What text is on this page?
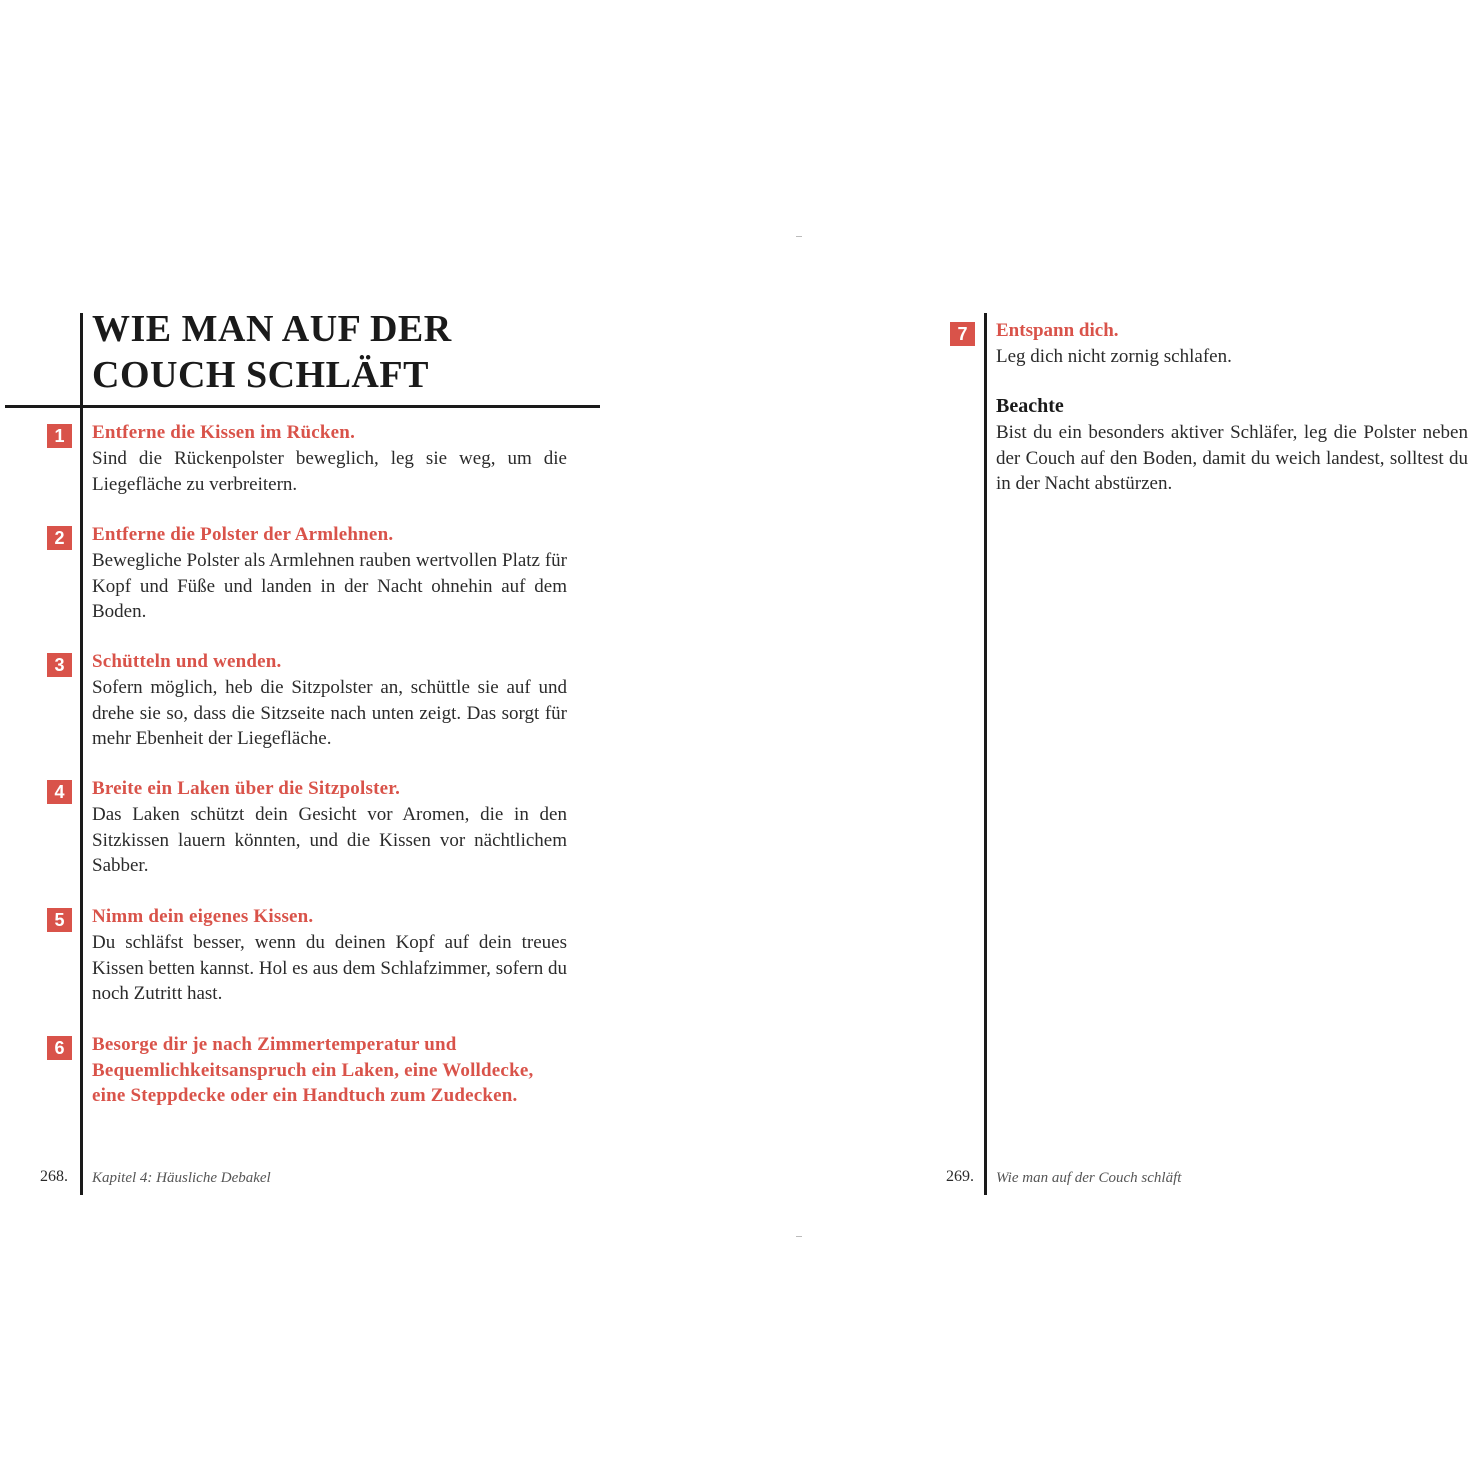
WIE MAN AUF DER
COUCH SCHLÄFT
1	Entferne die Kissen im Rücken.
Sind die Rückenpolster beweglich, leg sie weg, um die Liegefläche zu verbreitern.
2	Entferne die Polster der Armlehnen.
Bewegliche Polster als Armlehnen rauben wertvollen Platz für Kopf und Füße und landen in der Nacht ohnehin auf dem Boden.
3	Schütteln und wenden.
Sofern möglich, heb die Sitzpolster an, schüttle sie auf und drehe sie so, dass die Sitzseite nach unten zeigt. Das sorgt für mehr Ebenheit der Liegefläche.
4	Breite ein Laken über die Sitzpolster.
Das Laken schützt dein Gesicht vor Aromen, die in den Sitzkissen lauern könnten, und die Kissen vor nächtlichem Sabber.
5	Nimm dein eigenes Kissen.
Du schläfst besser, wenn du deinen Kopf auf dein treues Kissen betten kannst. Hol es aus dem Schlafzimmer, sofern du noch Zutritt hast.
6	Besorge dir je nach Zimmertemperatur und Bequemlichkeitsanspruch ein Laken, eine Wolldecke, eine Steppdecke oder ein Handtuch zum Zudecken.
268. Kapitel 4: Häusliche Debakel
7	Entspann dich.
Leg dich nicht zornig schlafen.
Beachte
Bist du ein besonders aktiver Schläfer, leg die Polster neben der Couch auf den Boden, damit du weich landest, solltest du in der Nacht abstürzen.
269. Wie man auf der Couch schläft
